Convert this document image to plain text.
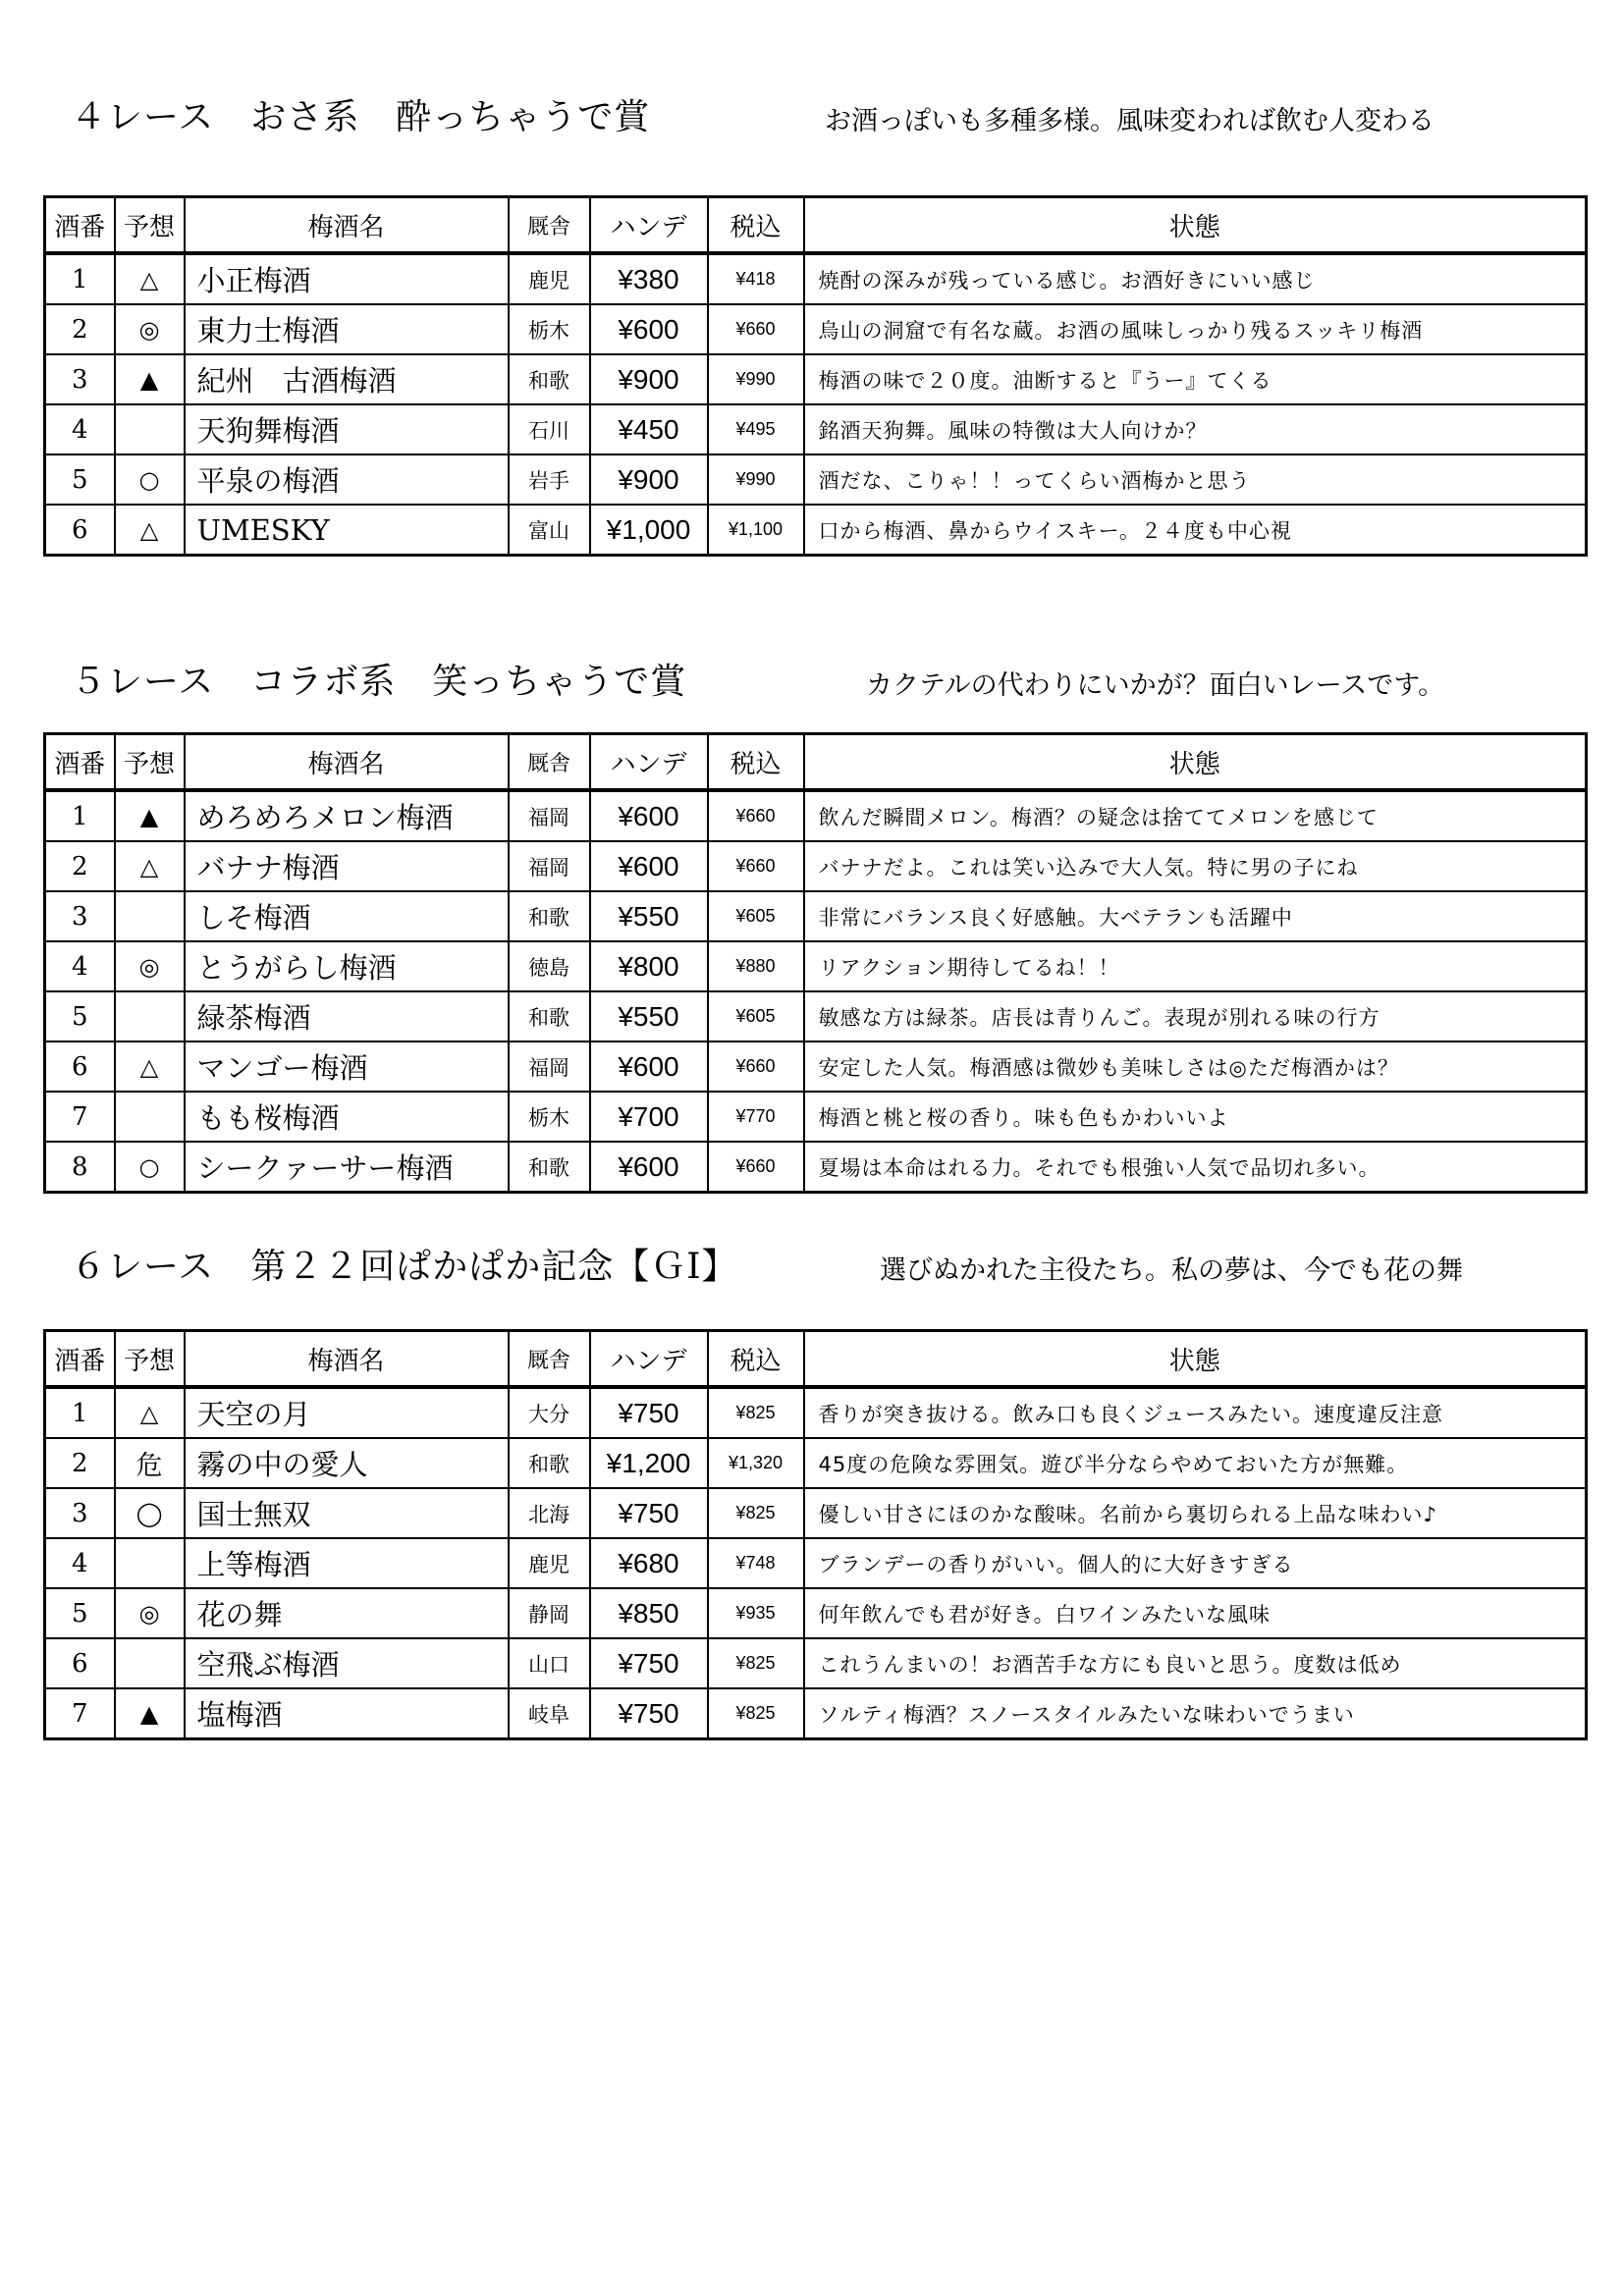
４レース　おさ系　酔っちゃうで賞	お酒っぽいも多種多様。風味変われば飲む人変わる
酒番	予想	梅酒名	厩舎	ハンデ	税込	状態
1	△	小正梅酒	鹿児	¥380	¥418	焼酎の深みが残っている感じ。お酒好きにいい感じ
2	◎	東力士梅酒	栃木	¥600	¥660	烏山の洞窟で有名な蔵。お酒の風味しっかり残るスッキリ梅酒
3	▲	紀州　古酒梅酒	和歌	¥900	¥990	梅酒の味で２０度。油断すると『うー』てくる
4		天狗舞梅酒	石川	¥450	¥495	銘酒天狗舞。風味の特徴は大人向けか？
5	○	平泉の梅酒	岩手	¥900	¥990	酒だな、こりゃ！！ってくらい酒梅かと思う
6	△	UMESKY	富山	¥1,000	¥1,100	口から梅酒、鼻からウイスキー。２４度も中心視
５レース　コラボ系　笑っちゃうで賞	カクテルの代わりにいかが？面白いレースです。
酒番	予想	梅酒名	厩舎	ハンデ	税込	状態
1	▲	めろめろメロン梅酒	福岡	¥600	¥660	飲んだ瞬間メロン。梅酒？の疑念は捨ててメロンを感じて
2	△	バナナ梅酒	福岡	¥600	¥660	バナナだよ。これは笑い込みで大人気。特に男の子にね
3		しそ梅酒	和歌	¥550	¥605	非常にバランス良く好感触。大ベテランも活躍中
4	◎	とうがらし梅酒	徳島	¥800	¥880	リアクション期待してるね！！
5		緑茶梅酒	和歌	¥550	¥605	敏感な方は緑茶。店長は青りんご。表現が別れる味の行方
6	△	マンゴー梅酒	福岡	¥600	¥660	安定した人気。梅酒感は微妙も美味しさは◎ただ梅酒かは？
7		もも桜梅酒	栃木	¥700	¥770	梅酒と桃と桜の香り。味も色もかわいいよ
8	○	シークァーサー梅酒	和歌	¥600	¥660	夏場は本命はれる力。それでも根強い人気で品切れ多い。
６レース　第２２回ぱかぱか記念【ＧⅠ】	選びぬかれた主役たち。私の夢は、今でも花の舞
酒番	予想	梅酒名	厩舎	ハンデ	税込	状態
1	△	天空の月	大分	¥750	¥825	香りが突き抜ける。飲み口も良くジュースみたい。速度違反注意
2	危	霧の中の愛人	和歌	¥1,200	¥1,320	45度の危険な雰囲気。遊び半分ならやめておいた方が無難。
3	◯	国士無双	北海	¥750	¥825	優しい甘さにほのかな酸味。名前から裏切られる上品な味わい♪
4		上等梅酒	鹿児	¥680	¥748	ブランデーの香りがいい。個人的に大好きすぎる
5	◎	花の舞	静岡	¥850	¥935	何年飲んでも君が好き。白ワインみたいな風味
6		空飛ぶ梅酒	山口	¥750	¥825	これうんまいの！お酒苦手な方にも良いと思う。度数は低め
7	▲	塩梅酒	岐阜	¥750	¥825	ソルティ梅酒？スノースタイルみたいな味わいでうまい
